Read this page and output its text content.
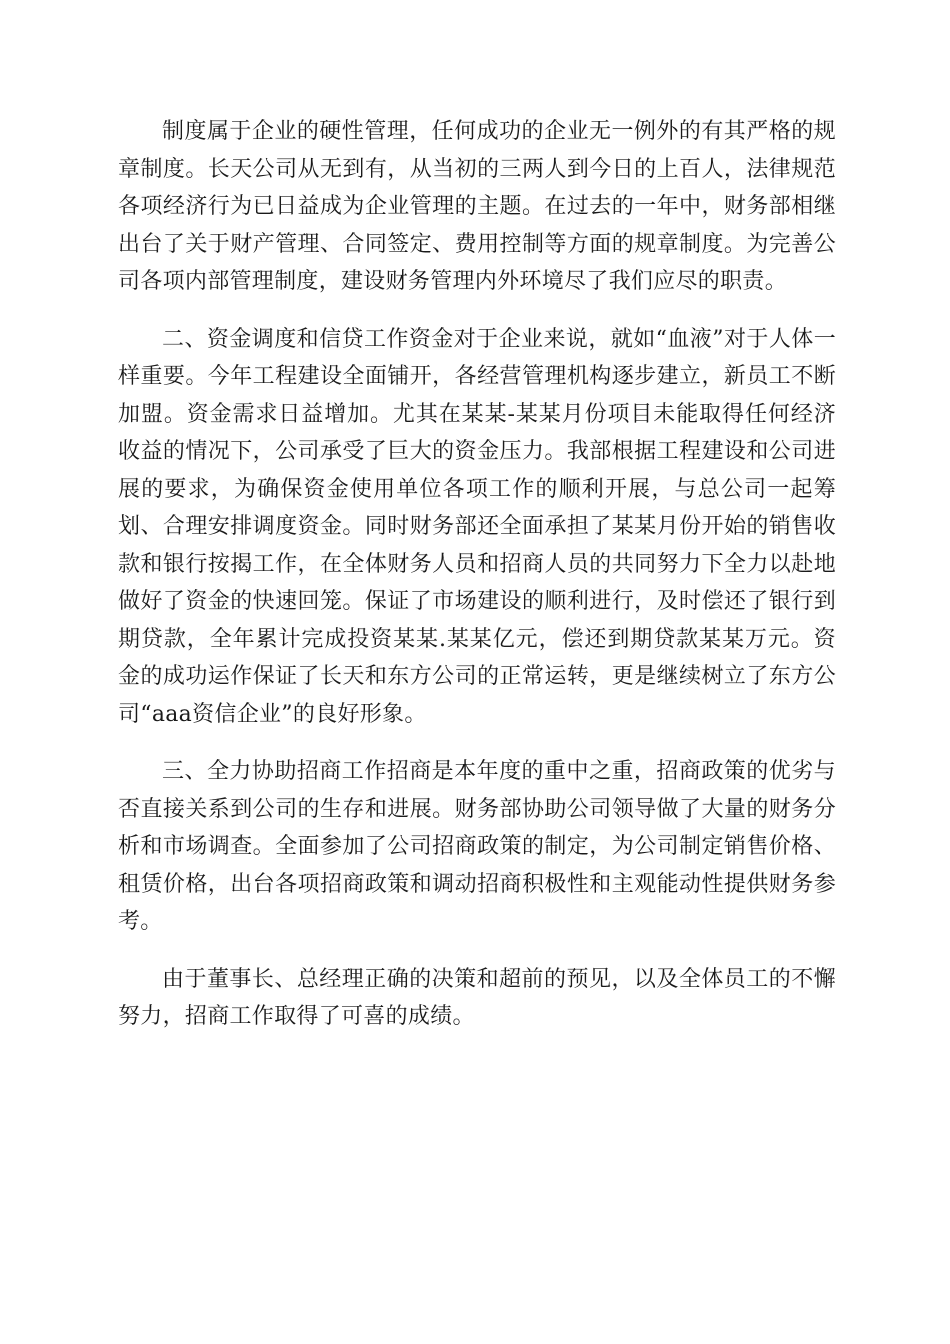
制度属于企业的硬性管理，任何成功的企业无一例外的有其严格的规章制度。长天公司从无到有，从当初的三两人到今日的上百人，法律规范各项经济行为已日益成为企业管理的主题。在过去的一年中，财务部相继出台了关于财产管理、合同签定、费用控制等方面的规章制度。为完善公司各项内部管理制度，建设财务管理内外环境尽了我们应尽的职责。

二、资金调度和信贷工作资金对于企业来说，就如“血液”对于人体一样重要。今年工程建设全面铺开，各经营管理机构逐步建立，新员工不断加盟。资金需求日益增加。尤其在某某-某某月份项目未能取得任何经济收益的情况下，公司承受了巨大的资金压力。我部根据工程建设和公司进展的要求，为确保资金使用单位各项工作的顺利开展，与总公司一起筹划、合理安排调度资金。同时财务部还全面承担了某某月份开始的销售收款和银行按揭工作，在全体财务人员和招商人员的共同努力下全力以赴地做好了资金的快速回笼。保证了市场建设的顺利进行，及时偿还了银行到期贷款，全年累计完成投资某某.某某亿元，偿还到期贷款某某万元。资金的成功运作保证了长天和东方公司的正常运转，更是继续树立了东方公司“aaa资信企业”的良好形象。

三、全力协助招商工作招商是本年度的重中之重，招商政策的优劣与否直接关系到公司的生存和进展。财务部协助公司领导做了大量的财务分析和市场调查。全面参加了公司招商政策的制定，为公司制定销售价格、租赁价格，出台各项招商政策和调动招商积极性和主观能动性提供财务参考。

由于董事长、总经理正确的决策和超前的预见，以及全体员工的不懈努力，招商工作取得了可喜的成绩。
